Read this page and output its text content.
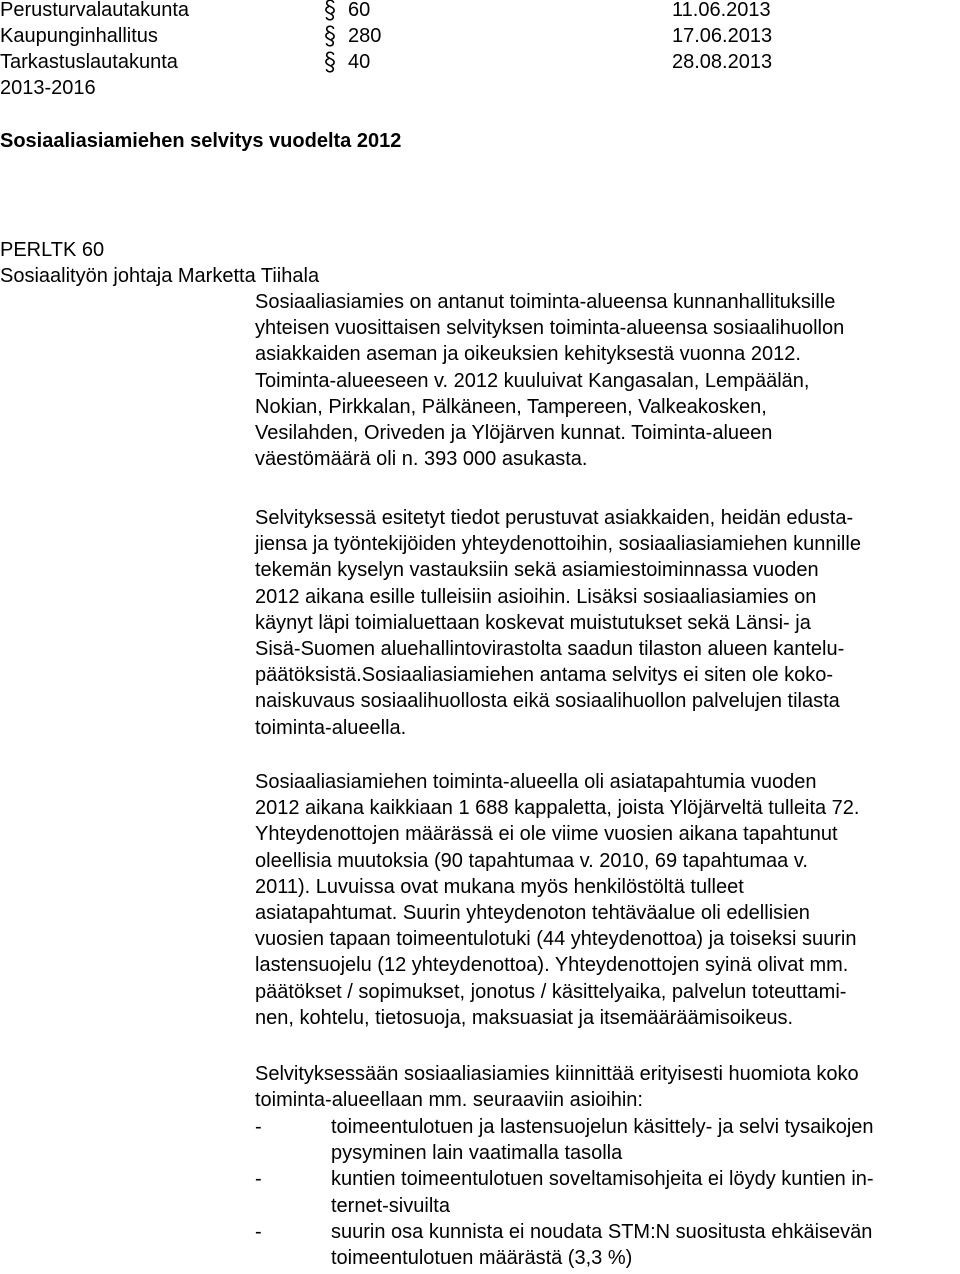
Perusturvalautakunta	60	11.06.2013
Kaupunginhallitus	280	17.06.2013
Tarkastuslautakunta	40	28.08.2013
2013-2016
Sosiaaliasiamiehen selvitys vuodelta 2012
PERLTK 60
Sosiaalityön johtaja Marketta Tiihala
Sosiaaliasiamies on antanut toiminta-alueensa kunnanhallituksille
yhteisen vuosittaisen selvityksen toiminta-alueensa sosiaalihuollon
asiakkaiden aseman ja oikeuksien kehityksestä vuonna 2012.
Toiminta-alueeseen v. 2012 kuuluivat Kangasalan, Lempäälän,
Nokian, Pirkkalan, Pälkäneen, Tampereen, Valkeakosken,
Vesilahden, Oriveden ja Ylöjärven kunnat. Toiminta-alueen
väestömäärä oli n. 393 000 asukasta.
Selvityksessä esitetyt tiedot perustuvat asiakkaiden, heidän edusta-
jiensa ja työntekijöiden yhteydenottoihin, sosiaaliasiamiehen kunnille
tekemän kyselyn vastauksiin sekä asiamiestoiminnassa vuoden
2012 aikana esille tulleisiin asioihin. Lisäksi sosiaaliasiamies on
käynyt läpi toimialuettaan koskevat muistutukset sekä Länsi- ja
Sisä-Suomen aluehallintovirastolta saadun tilaston alueen kantelu-
päätöksistä.Sosiaaliasiamiehen antama selvitys ei siten ole koko-
naiskuvaus sosiaalihuollosta eikä sosiaalihuollon palvelujen tilasta
toiminta-alueella.
Sosiaaliasiamiehen toiminta-alueella oli asiatapahtumia vuoden
2012 aikana kaikkiaan 1 688 kappaletta, joista Ylöjärveltä tulleita 72.
Yhteydenottojen määrässä ei ole viime vuosien aikana tapahtunut
oleellisia muutoksia (90 tapahtumaa v. 2010, 69 tapahtumaa v.
2011). Luvuissa ovat mukana myös henkilöstöltä tulleet
asiatapahtumat. Suurin yhteydenoton tehtäväalue oli edellisien
vuosien tapaan toimeentulotuki (44 yhteydenottoa) ja toiseksi suurin
lastensuojelu (12 yhteydenottoa). Yhteydenottojen syinä olivat mm.
päätökset / sopimukset, jonotus / käsittelyaika, palvelun toteuttami-
nen, kohtelu, tietosuoja, maksuasiat ja itsemääräämisoikeus.
Selvityksessään sosiaaliasiamies kiinnittää erityisesti huomiota koko
toiminta-alueellaan mm. seuraaviin asioihin:
-	toimeentulotuen ja lastensuojelun käsittely- ja selvi tysaikojen
pysyminen lain vaatimalla tasolla
-	kuntien toimeentulotuen soveltamisohjeita ei löydy kuntien in-
ternet-sivuilta
-	suurin osa kunnista ei noudata STM:N suositusta ehkäisevän
toimeentulotuen määrästä (3,3 %)
